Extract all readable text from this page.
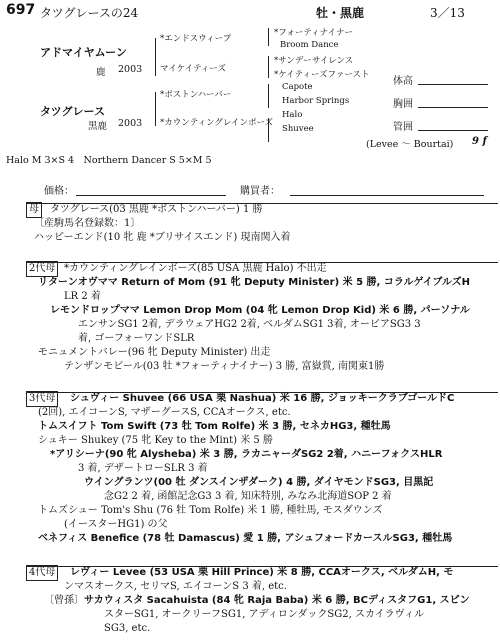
697 タツグレースの24	牡・黒鹿	3／13
アドマイヤムーン
鹿 2003
タツグレース
黒鹿 2003
*エンドスウィープ
マイケイティーズ
*ボストンハーバー
*カウンティングレインボーズ
*フォーティナイナー
Broom Dance
*サンデーサイレンス
*ケイティーズファースト
Capote
Harbor Springs
Halo
Shuvee
体高
胸囲
管囲
(Levee ～ Bourtai) 9 f
Halo M 3×S 4　Northern Dancer S 5×M 5
価格：	購買者：
母	タツグレース(03 黒鹿 *ボストンハーバー) 1 勝
〔産駒馬名登録数：1〕
ハッピーエンド(10 牝 鹿 *ブリサイスエンド) 現南関入着
2代母 *カウンティングレインボーズ(85 USA 黒鹿 Halo) 不出走
リターンオヴママ Return of Mom (91 牝 Deputy Minister) 米 5 勝, コラルゲイブルズH
LR 2 着
レモンドロップママ Lemon Drop Mom (04 牝 Lemon Drop Kid) 米 6 勝, パーソナル
エンサンSG1 2着, デラウェアHG2 2着, ベルダムSG1 3着, オービアSG3 3
着, ゴーフォーワンドSLR
モニュメントバレー(96 牝 Deputy Minister) 出走
テンザンモビール(03 牡 *フォーティナイナー) 3 勝, 富嶽賞, 南関東1勝
3代母	シュヴィー Shuvee (66 USA 栗 Nashua) 米 16 勝, ジョッキークラブゴールドC
(2回), エイコーンS, マザーグースS, CCAオークス, etc.
トムスイフト Tom Swift (73 牡 Tom Rolfe) 米 3 勝, セネカHG3, 種牡馬
シュキー Shukey (75 牝 Key to the Mint) 米 5 勝
*アリシーナ(90 牝 Alysheba) 米 3 勝, ラカニャーダSG2 2着, ハニーフォクスHLR
3 着, デザートローSLR 3 着
ウイングランツ(00 牡 ダンスインザダーク) 4 勝, ダイヤモンドSG3, 目黒記
念G2 2 着, 函館記念G3 3 着, 知床特別, みなみ北海道SOP 2 着
トムズシュー Tom's Shu (76 牡 Tom Rolfe) 米 1 勝, 種牡馬, モスダウンズ
(イースターHG1) の父
ベネフィス Benefice (78 牡 Damascus) 愛 1 勝, アシュフォードカースルSG3, 種牡馬
4代母	レヴィー Levee (53 USA 栗 Hill Prince) 米 8 勝, CCAオークス, ベルダムH, モ
ンマスオークス, セリマS, エイコーンS 3 着, etc.
〔曾孫〕 サカウィスタ Sacahuista (84 牝 Raja Baba) 米 6 勝, BCディスタフG1, スピン
スターSG1, オークリーフSG1, アディロンダックSG2, スカイラヴィル
SG3, etc.
